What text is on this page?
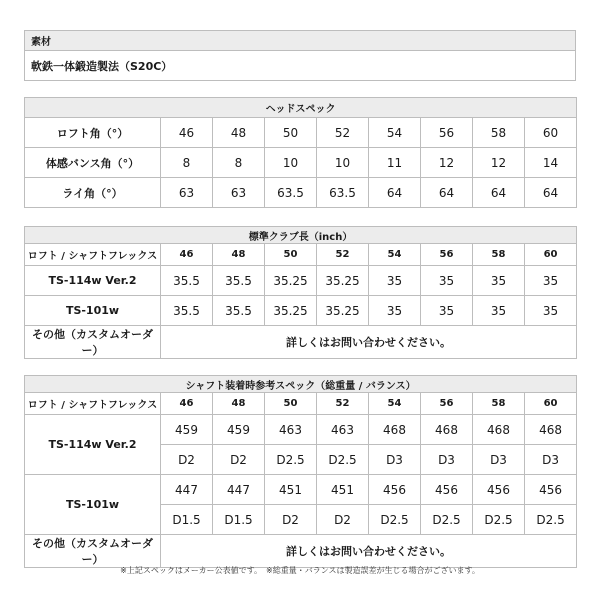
素材
軟鉄一体鍛造製法（S20C）
ヘッドスペック								
ロフト角（°）	46	48	50	52	54	56	58	60
体感バンス角（°）	8	8	10	10	11	12	12	14
ライ角（°）	63	63	63.5	63.5	64	64	64	64
標準クラブ長（inch）								
ロフト / シャフトフレックス	46	48	50	52	54	56	58	60
TS-114w Ver.2	35.5	35.5	35.25	35.25	35	35	35	35
TS-101w	35.5	35.5	35.25	35.25	35	35	35	35
その他（カスタムオーダー）	詳しくはお問い合わせください。							
シャフト装着時参考スペック（総重量 / バランス）								
ロフト / シャフトフレックス	46	48	50	52	54	56	58	60
TS-114w Ver.2	459	459	463	463	468	468	468	468
	D2	D2	D2.5	D2.5	D3	D3	D3	D3
TS-101w	447	447	451	451	456	456	456	456
	D1.5	D1.5	D2	D2	D2.5	D2.5	D2.5	D2.5
その他（カスタムオーダー）	詳しくはお問い合わせください。							
※上記スペックはメーカー公表値です。　※総重量・バランスは製造誤差が生じる場合がございます。
